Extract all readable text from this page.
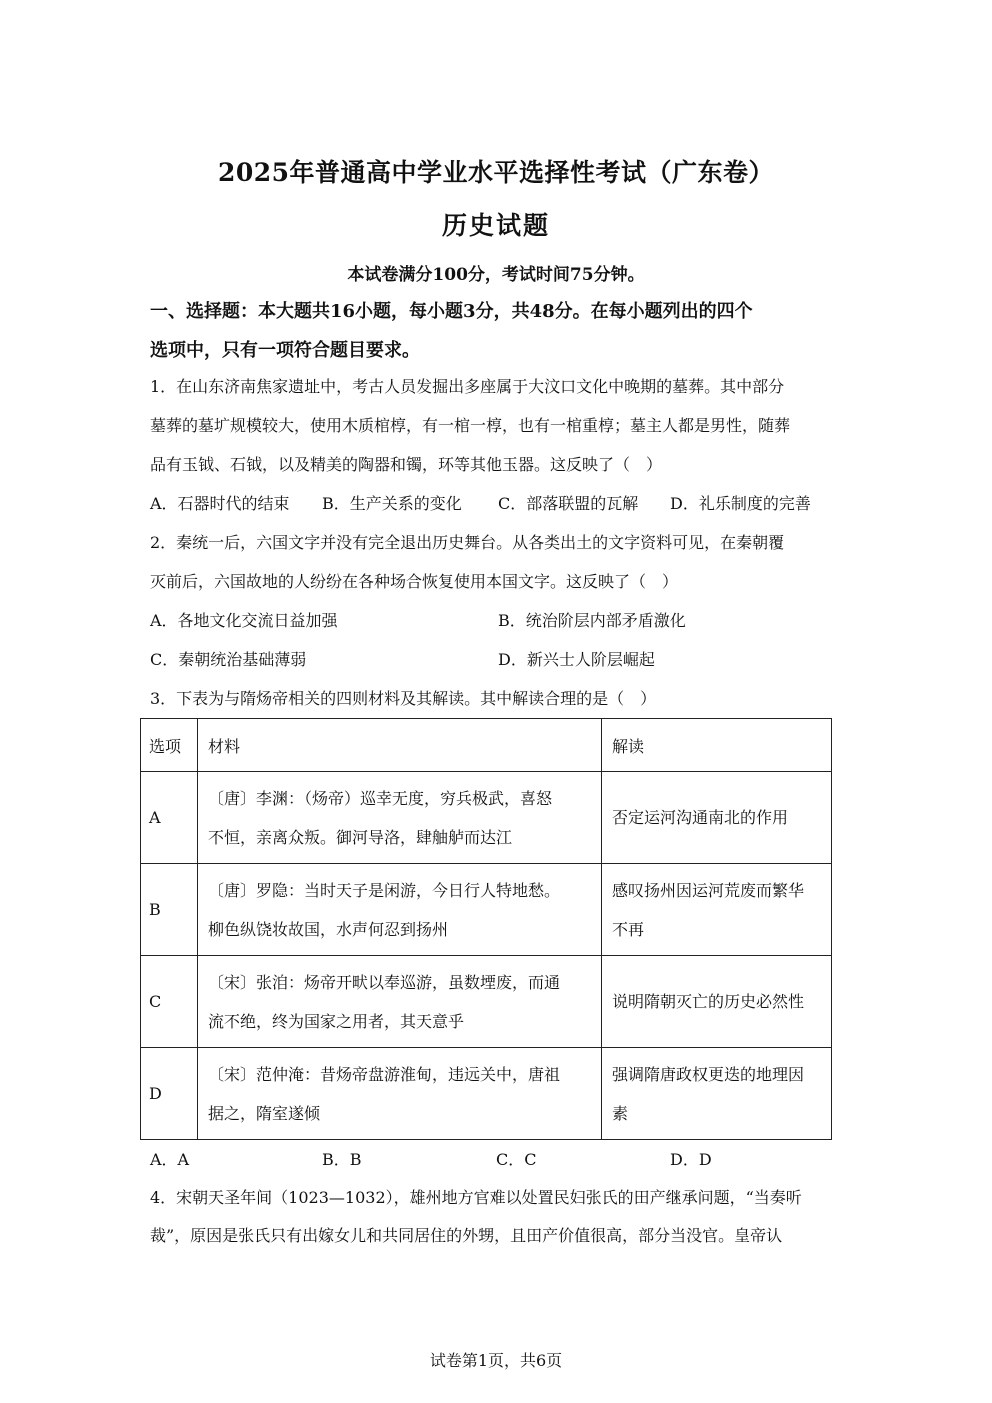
2025年普通高中学业水平选择性考试（广东卷）
历史试题
本试卷满分100分，考试时间75分钟。
一、选择题：本大题共16小题，每小题3分，共48分。在每小题列出的四个
选项中，只有一项符合题目要求。
1．在山东济南焦家遗址中，考古人员发掘出多座属于大汶口文化中晚期的墓葬。其中部分
墓葬的墓圹规模较大，使用木质棺椁，有一棺一椁，也有一棺重椁；墓主人都是男性，随葬
品有玉钺、石钺，以及精美的陶器和镯，环等其他玉器。这反映了（　）
A．石器时代的结束 B．生产关系的变化 C．部落联盟的瓦解 D．礼乐制度的完善
2．秦统一后，六国文字并没有完全退出历史舞台。从各类出土的文字资料可见，在秦朝覆
灭前后，六国故地的人纷纷在各种场合恢复使用本国文字。这反映了（　）
A．各地文化交流日益加强	B．统治阶层内部矛盾激化
C．秦朝统治基础薄弱	D．新兴士人阶层崛起
3．下表为与隋炀帝相关的四则材料及其解读。其中解读合理的是（　）
选项	材料	解读
A	〔唐〕李渊：（炀帝）巡幸无度，穷兵极武，喜怒
不恒，亲离众叛。御河导洛，肆舳舻而达江	否定运河沟通南北的作用

B	〔唐〕罗隐：当时天子是闲游，今日行人特地愁。
柳色纵饶妆故国，水声何忍到扬州	感叹扬州因运河荒废而繁华
不再

C	〔宋〕张洎：炀帝开畎以奉巡游，虽数堙废，而通
流不绝，终为国家之用者，其天意乎	说明隋朝灭亡的历史必然性

D	〔宋〕范仲淹：昔炀帝盘游淮甸，违远关中，唐祖
据之，隋室遂倾	强调隋唐政权更迭的地理因
素
A．A	B．B	C．C	D．D
4．宋朝天圣年间（1023—1032），雄州地方官难以处置民妇张氏的田产继承问题，“当奏听
裁”，原因是张氏只有出嫁女儿和共同居住的外甥，且田产价值很高，部分当没官。皇帝认
试卷第1页，共6页
